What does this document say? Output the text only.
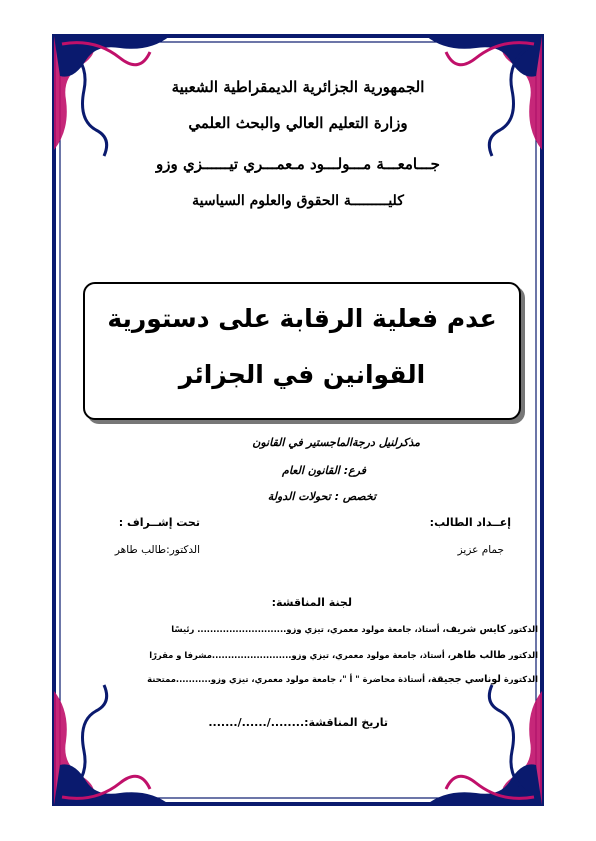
الجمهورية الجزائرية الديمقراطية الشعبية
وزارة التعليم العالي والبحث العلمي
جـــامعـــة مـــولـــود مـعمـــري تيــــــزي وزو
كليـــــــــة الحقوق والعلوم السياسية
عدم فعلية الرقابة على دستورية
القوانين في الجزائر
مذكرلنيل درجةالماجستير في القانون
فرع: القانون العام
تخصص : تحولات الدولة
إعــداد الطالب:
جمام عزيز
تحت إشــراف :
الدكتور:طالب طاهر
لجنة المناقشة:
الدكتور كايس شريف، أستاذ، جامعة مولود معمري، تيزي وزو............................ رئيسًا
الدكتور طالب طاهر، أستاذ، جامعة مولود معمري، تيزي وزو.........................مشرفا و مقررًا
الدكتورة لوناسي ججيقة، أستاذة محاضرة " أ "، جامعة مولود معمري، تيزي وزو...........ممتحنة
تاريخ المناقشة:......../....../.......
